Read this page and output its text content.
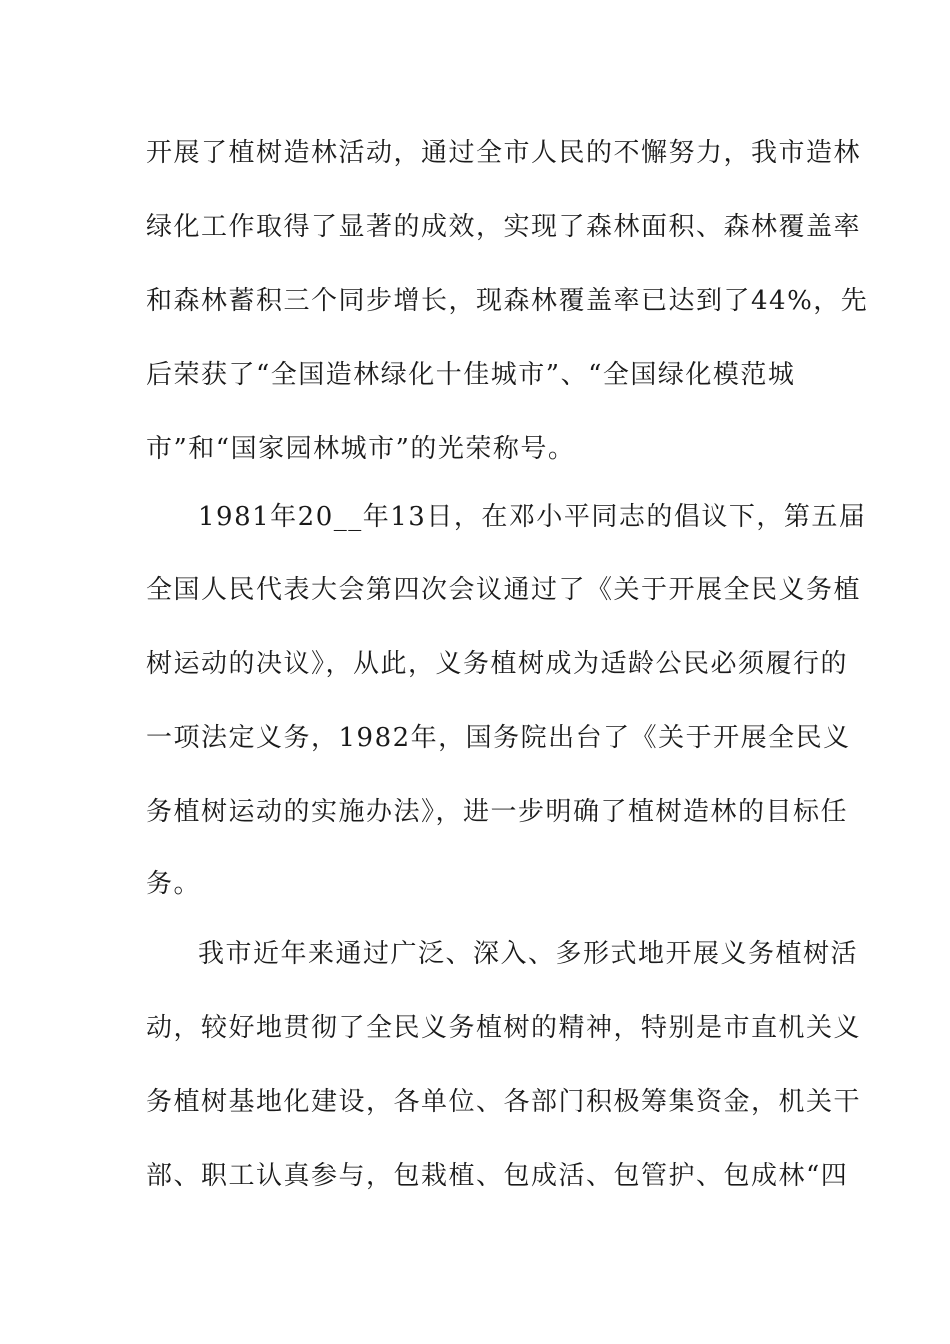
开展了植树造林活动，通过全市人民的不懈努力，我市造林
绿化工作取得了显著的成效，实现了森林面积、森林覆盖率
和森林蓄积三个同步增长，现森林覆盖率已达到了44%，先
后荣获了“全国造林绿化十佳城市”、“全国绿化模范城
市”和“国家园林城市”的光荣称号。
1981年20__年13日，在邓小平同志的倡议下，第五届
全国人民代表大会第四次会议通过了《关于开展全民义务植
树运动的决议》，从此，义务植树成为适龄公民必须履行的
一项法定义务，1982年，国务院出台了《关于开展全民义
务植树运动的实施办法》，进一步明确了植树造林的目标任
务。
我市近年来通过广泛、深入、多形式地开展义务植树活
动，较好地贯彻了全民义务植树的精神，特别是市直机关义
务植树基地化建设，各单位、各部门积极筹集资金，机关干
部、职工认真参与，包栽植、包成活、包管护、包成林“四
